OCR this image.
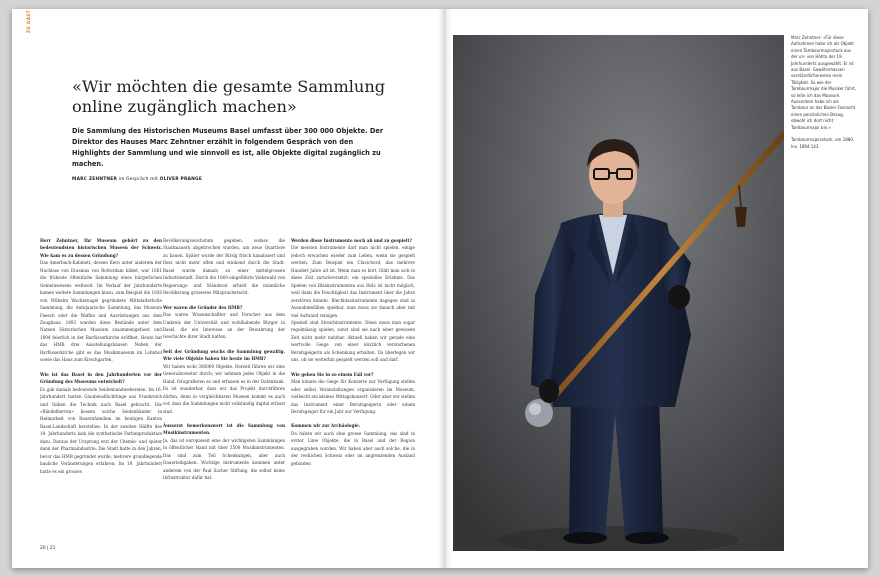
ZU GAST
«Wir möchten die gesamte Sammlung online zugänglich machen»

Die Sammlung des Historischen Museums Basel umfasst über 300 000 Objekte. Der Direktor des Hauses Marc Zehntner erzählt in folgendem Gespräch von den Highlights der Sammlung und wie sinnvoll es ist, alle Objekte digital zugänglich zu machen.

MARC ZEHNTNER im Gespräch mit OLIVER PRANGE

Herr Zehntner, Ihr Museum gehört zu den bedeutendsten historischen Museen der Schweiz. Wie kam es zu dessen Gründung?

Das Amerbach-Kabinett, dessen Kern unter anderem der Nachlass von Erasmus von Rotterdam bildet, war 1661 die früheste öffentliche Sammlung eines bürgerlichen Gemeinwesens weltweit. Im Verlauf der Jahrhunderte kamen weitere Sammlungen hinzu, zum Beispiel die 1856 von Wilhelm Wackernagel gegründete Mittelalterliche Sammlung, die Antiquarische Sammlung, das Museum Faesch oder die Waffen und Ausrüstungen aus dem Zeughaus. 1892 wurden diese Bestände unter dem Namen Historischen Museum zusammengefasst und 1894 feierlich in der Barfüsserkirche eröffnet. Heute hat das HMB drei Ausstellungshäuser: Neben der Barfüsserkirche gibt es das Musikmuseum im Lohnhof sowie das Haus zum Kirschgarten.

Wie ist das Basel in den Jahrhunderten vor der Gründung des Museums entwickelt?

Es gab damals bedeutende Seidenbandwebereien. Im 16. Jahrhundert hatten Glaubensflüchtlinge aus Frankreich und Italien die Technik nach Basel gebracht. Die «Bändelherren» liessen solche Seidenbänder in Heimarbeit von Bauernfamilien im heutigen Kanton Basel-Landschaft herstellen. In der zweiten Hälfte des 19. Jahrhunderts kam die synthetische Farbenproduktion dazu. Daraus der Ursprung erst der Chemie- und später dann der Pharmaindustrie. Die Stadt hatte in den Jahren, bevor das HMB gegründet wurde, mehrere grundlegende bauliche Veränderungen erfahren: Im 19. Jahrhundert hatte es ein grosses

Bevölkerungswachstum gegeben, sodass die Stadtmauern abgebrochen wurden, um neue Quartiere zu bauen. Später wurde der Birsig frisch kanalisiert und floss nicht mehr offen und stinkend durch die Stadt. Basel wurde damals zu einer mittelgrossen Industriestadt. Durch die 1869 eingeführte Volkswahl von Regierungs- und Ständerat erhielt die männliche Bevölkerung grösseres Mitspracherecht.

Wer waren die Gründer des HMB?

Das waren Wissenschaftler und Forscher aus dem Umkreis der Universität und wohlhabende Bürger in Basel, die ein Interesse an der Bewahrung der Geschichte ihrer Stadt hatten.

Seit der Gründung wuchs die Sammlung gewaltig. Wie viele Objekte haben Sie heute im HMB?

Wir haben wohl 300000 Objekte. Derzeit führen wir eine Generalinventur durch; wir nehmen jedes Objekt in die Hand, fotografieren es und erfassen es in der Datenbank. Es ist wunderbar, dass wir das Projekt durchführen dürfen, denn in vergleichbaren Museen kommt es auch vor, dass die Sammlungen nicht vollständig digital erfasst sind.

Äusserst bemerkenswert ist die Sammlung von Musikinstrumenten.

Ja, das ist europaweit eine der wichtigsten Sammlungen in öffentlicher Hand mit über 3500 Musikinstrumenten. Das sind zum Teil Schenkungen, aber auch Dauerleihgaben. Wichtige Instrumente kommen unter anderem von der Paul Sacher Stiftung, die selbst keine Infrastruktur dafür hat.

Werden diese Instrumente noch ab und zu gespielt?

Die meisten Instrumente darf man nicht spielen, einige jedoch erwachen wieder zum Leben, wenn sie gespielt werden. Zum Beispiel ein Clavichord, das mehrere Hundert Jahre alt ist. Wenn man es hört, fühlt man sich in diese Zeit zurückversetzt; ein spezielles Erlebnis. Das Spielen von Blasinstrumenten aus Holz ist nicht möglich, weil dann die Feuchtigkeit das Instrument über die Jahre zerstören könnte. Blechblasinstrumente dagegen sind in Ausnahmefällen spielbar, man muss sie danach aber mit viel Aufwand reinigen.

Speziell sind Streichinstrumente. Diese muss man sogar regelmässig spielen, sonst sind sie nach einer gewissen Zeit nicht mehr nutzbar. Aktuell haben wir gerade eine wertvolle Geige von einer kürzlich verstorbenen Berufsgeigerin als Schenkung erhalten. Da überlegen wir uns, ob sie weiterhin gespielt werden soll und darf.

Wie gehen Sie in so einem Fall vor?

Man könnte die Geige für Konzerte zur Verfügung stellen oder selbst Veranstaltungen organisieren im Museum, vielleicht ein kleines Mittagskonzert. Oder aber wir stellen das Instrument einer Berufsgeigerin oder einem Berufsgeiger für ein Jahr zur Verfügung.

Kommen wir zur Archäologie.

Da haben wir auch eine grosse Sammlung, das sind in erster Linie Objekte, die in Basel und der Region ausgegraben wurden. Wir haben aber auch solche, die in der restlichen Schweiz oder im angrenzenden Ausland gefunden

20 | 21

Marc Zehntner: «Für diese Aufnahmen habe ich als Objekt einen Tambourmajorstock aus der un- von Hähta der 19. Jahrhunderts ausgewählt. Er ist aus Basel. Gewöhnmassen verständlicherweise mein Tätigkeit. So wie der Tambourmajor die Musiker führt, so leite ich das Museum. Ausserdem habe ich als Tambour an der Basler Fasnacht einen persönlichen Bezug, obwohl ich dort nicht Tambourmajor bin.»

Tambourmajorsstock, um 1880. Inv. 1894.143.
